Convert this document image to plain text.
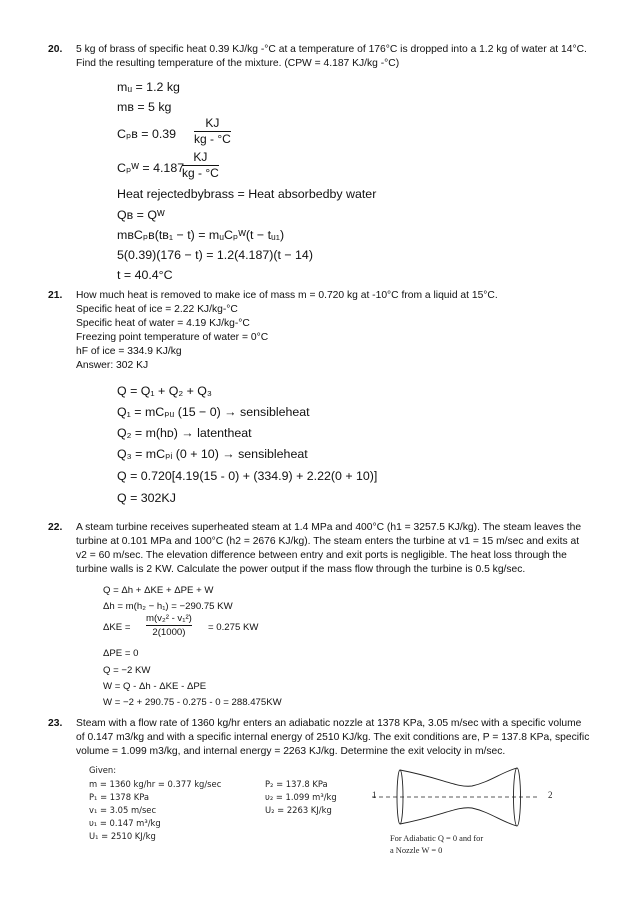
20. 5 kg of brass of specific heat 0.39 KJ/kg -°C at a temperature of 176°C is dropped into a 1.2 kg of water at 14°C.
Find the resulting temperature of the mixture. (CPW = 4.187 KJ/kg -°C)
mᵤ = 1.2 kg
mʙ = 5 kg
Cₚʙ = 0.39
KJ
kg - °C
Cₚᵂ = 4.187
KJ
kg - °C
Heat rejectedbybrass = Heat absorbedby water
Qʙ = Qᵂ
mʙCₚʙ(tʙ₁ − t) = mᵤCₚᵂ(t − tᵤ₁)
5(0.39)(176 − t) = 1.2(4.187)(t − 14)
t = 40.4°C
21. How much heat is removed to make ice of mass m = 0.720 kg at -10°C from a liquid at 15°C.
Specific heat of ice = 2.22 KJ/kg-°C
Specific heat of water = 4.19 KJ/kg-°C
Freezing point temperature of water = 0°C
hF of ice = 334.9 KJ/kg
Answer: 302 KJ
Q = Q₁ + Q₂ + Q₃
Q₁ = mCₚᵤ (15 − 0) → sensibleheat
Q₂ = m(hᴅ) → latentheat
Q₃ = mCₚᵢ (0 + 10) → sensibleheat
Q = 0.720[4.19(15 - 0) + (334.9) + 2.22(0 + 10)]
Q = 302KJ
22. A steam turbine receives superheated steam at 1.4 MPa and 400°C (h1 = 3257.5 KJ/kg). The steam leaves the
turbine at 0.101 MPa and 100°C (h2 = 2676 KJ/kg). The steam enters the turbine at v1 = 15 m/sec and exits at
v2 = 60 m/sec. The elevation difference between entry and exit ports is negligible. The heat loss through the
turbine walls is 2 KW. Calculate the power output if the mass flow through the turbine is 0.5 kg/sec.
Q = Δh + ΔKE + ΔPE + W
Δh = m(h₂ − h₁) = −290.75 KW
ΔKE =
m(v₂² - v₁²)
2(1000) = 0.275 KW
ΔPE = 0
Q = −2 KW
W = Q - Δh - ΔKE - ΔPE
W = −2 + 290.75 - 0.275 - 0 = 288.475KW
23. Steam with a flow rate of 1360 kg/hr enters an adiabatic nozzle at 1378 KPa, 3.05 m/sec with a specific volume
of 0.147 m3/kg and with a specific internal energy of 2510 KJ/kg. The exit conditions are, P = 137.8 KPa, specific
volume = 1.099 m3/kg, and internal energy = 2263 KJ/kg. Determine the exit velocity in m/sec.
Given:
m = 1360 kg/hr = 0.377 kg/sec
P₁ = 1378 KPa
v₁ = 3.05 m/sec
υ₁ = 0.147 m³/kg
U₁ = 2510 KJ/kg
P₂ = 137.8 KPa
υ₂ = 1.099 m³/kg
U₂ = 2263 KJ/kg
1	2
For Adiabatic Q = 0 and for
a Nozzle W = 0
